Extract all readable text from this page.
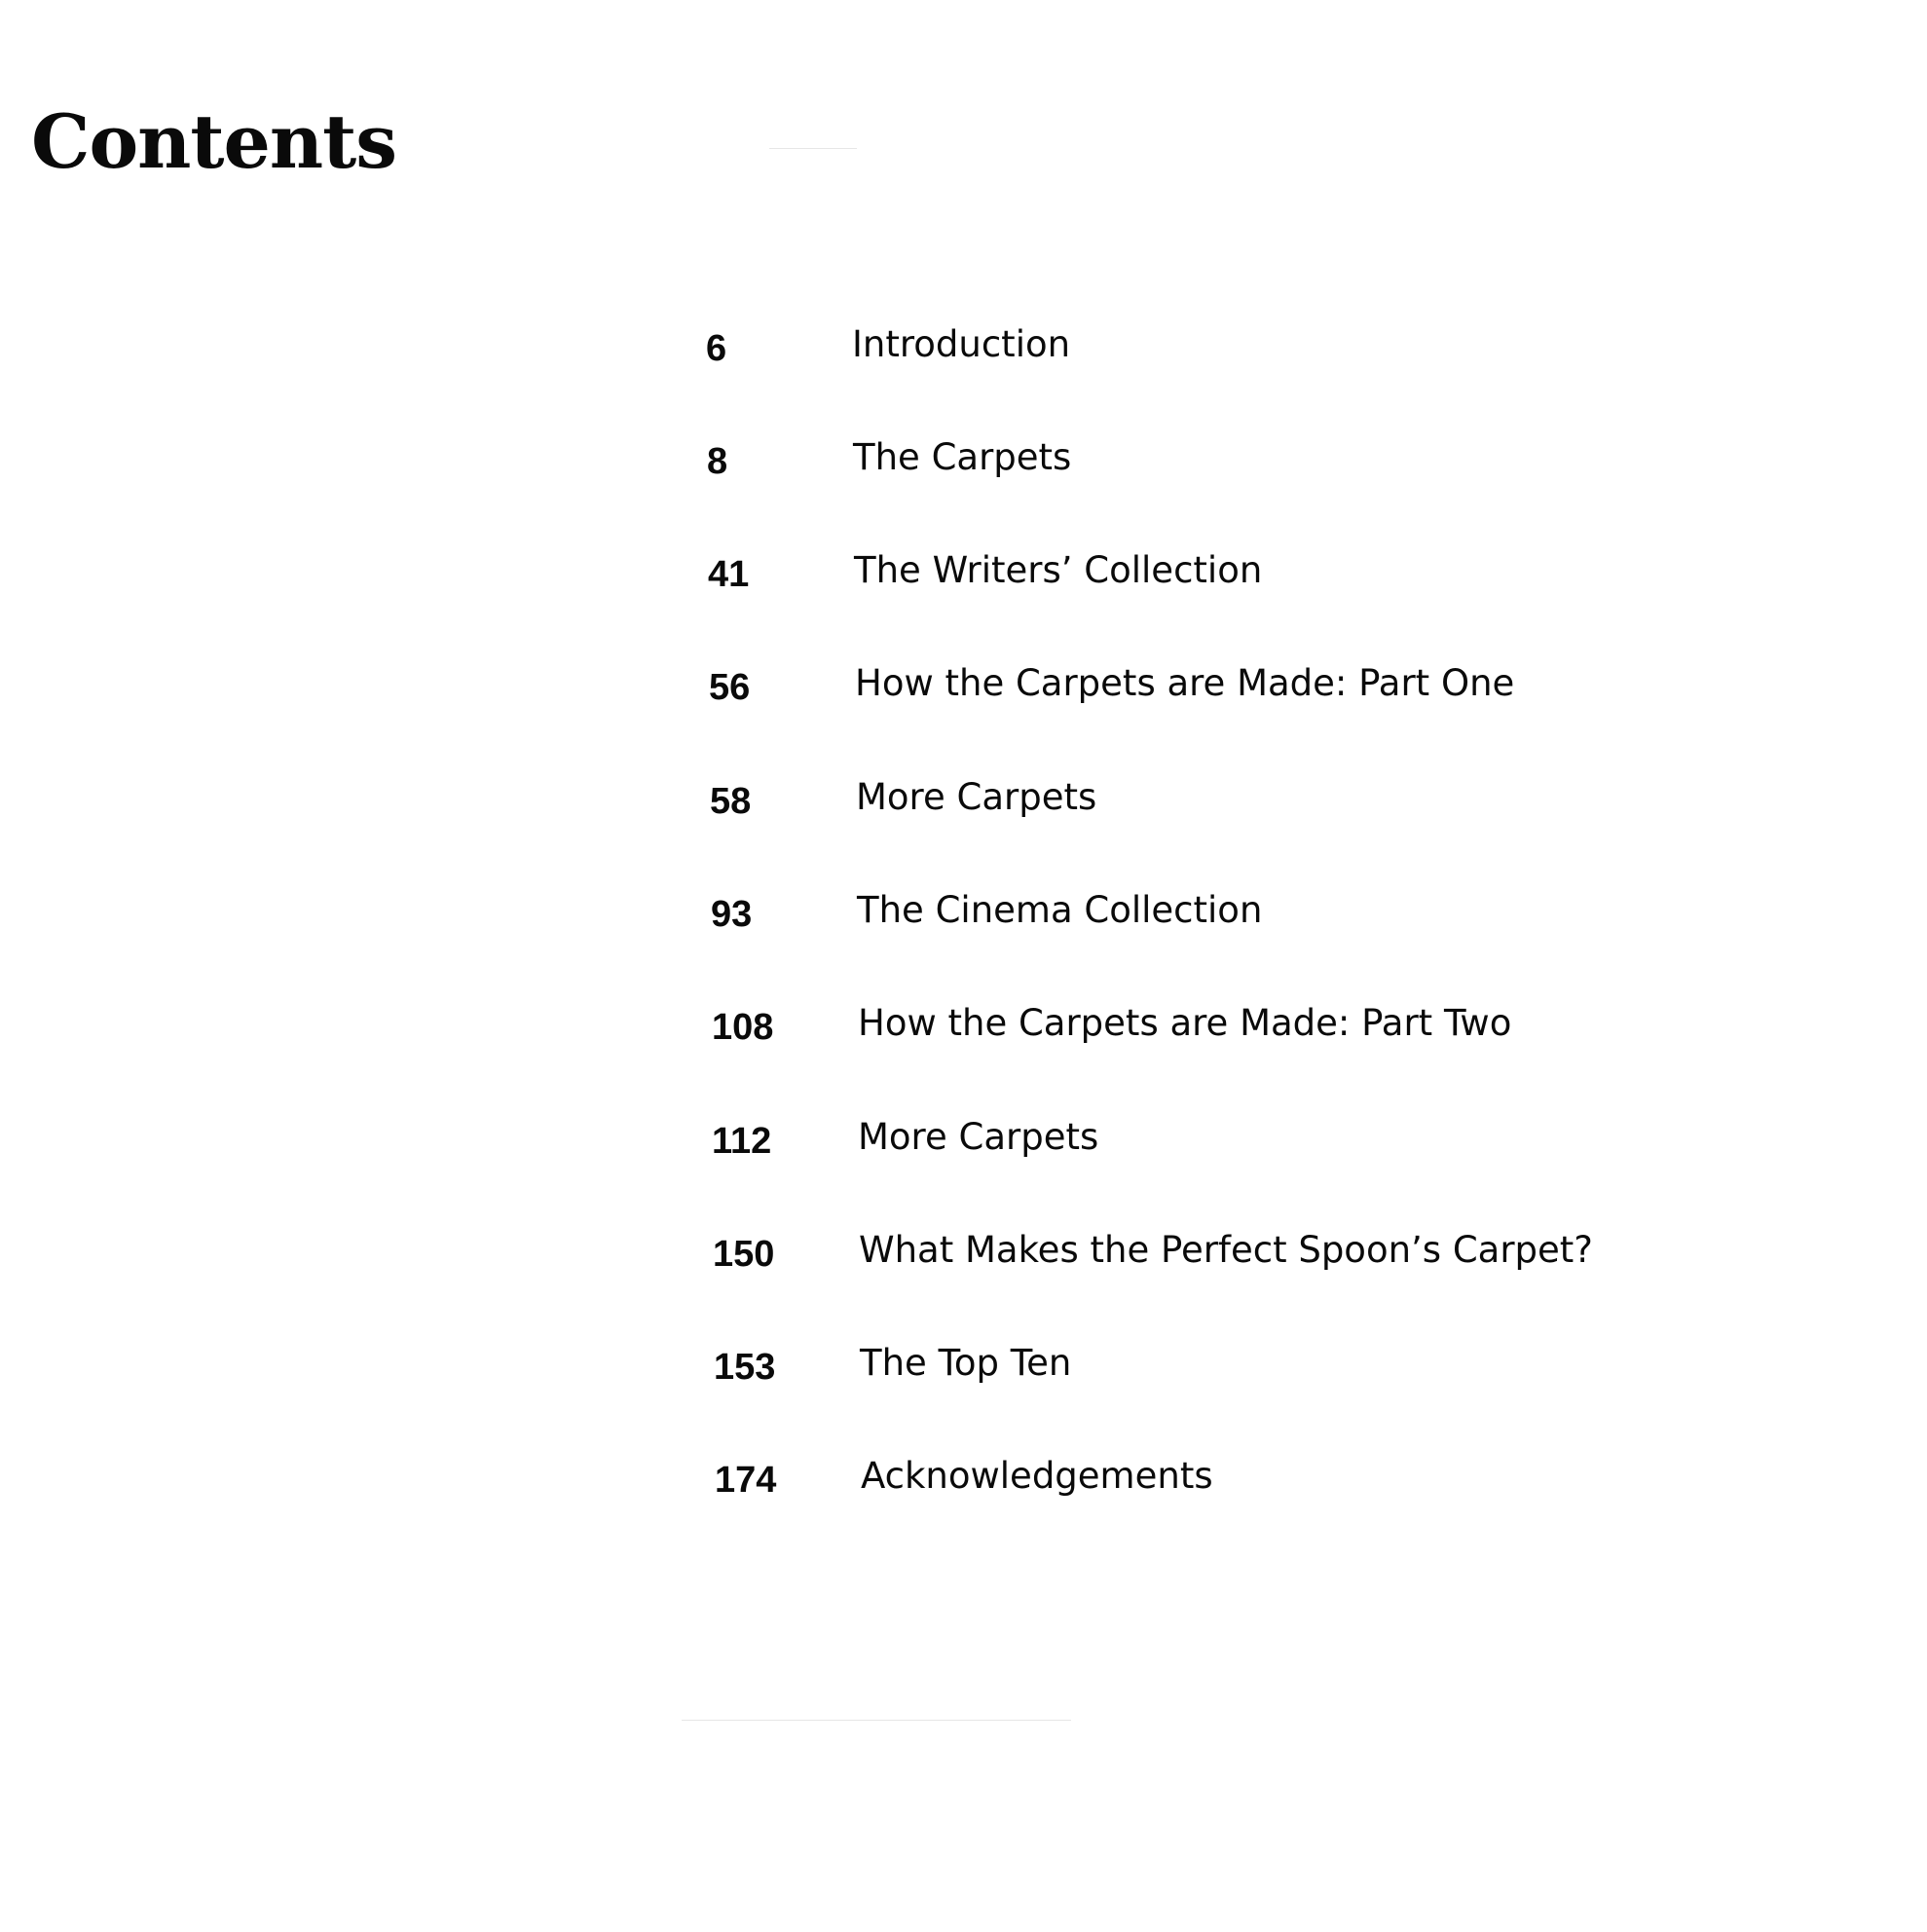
Contents
6	Introduction
8	The Carpets
41	The Writers’ Collection
56	How the Carpets are Made: Part One
58	More Carpets
93	The Cinema Collection
108 How the Carpets are Made: Part Two
112 More Carpets
150 What Makes the Perfect Spoon’s Carpet?
153 The Top Ten
174 Acknowledgements
